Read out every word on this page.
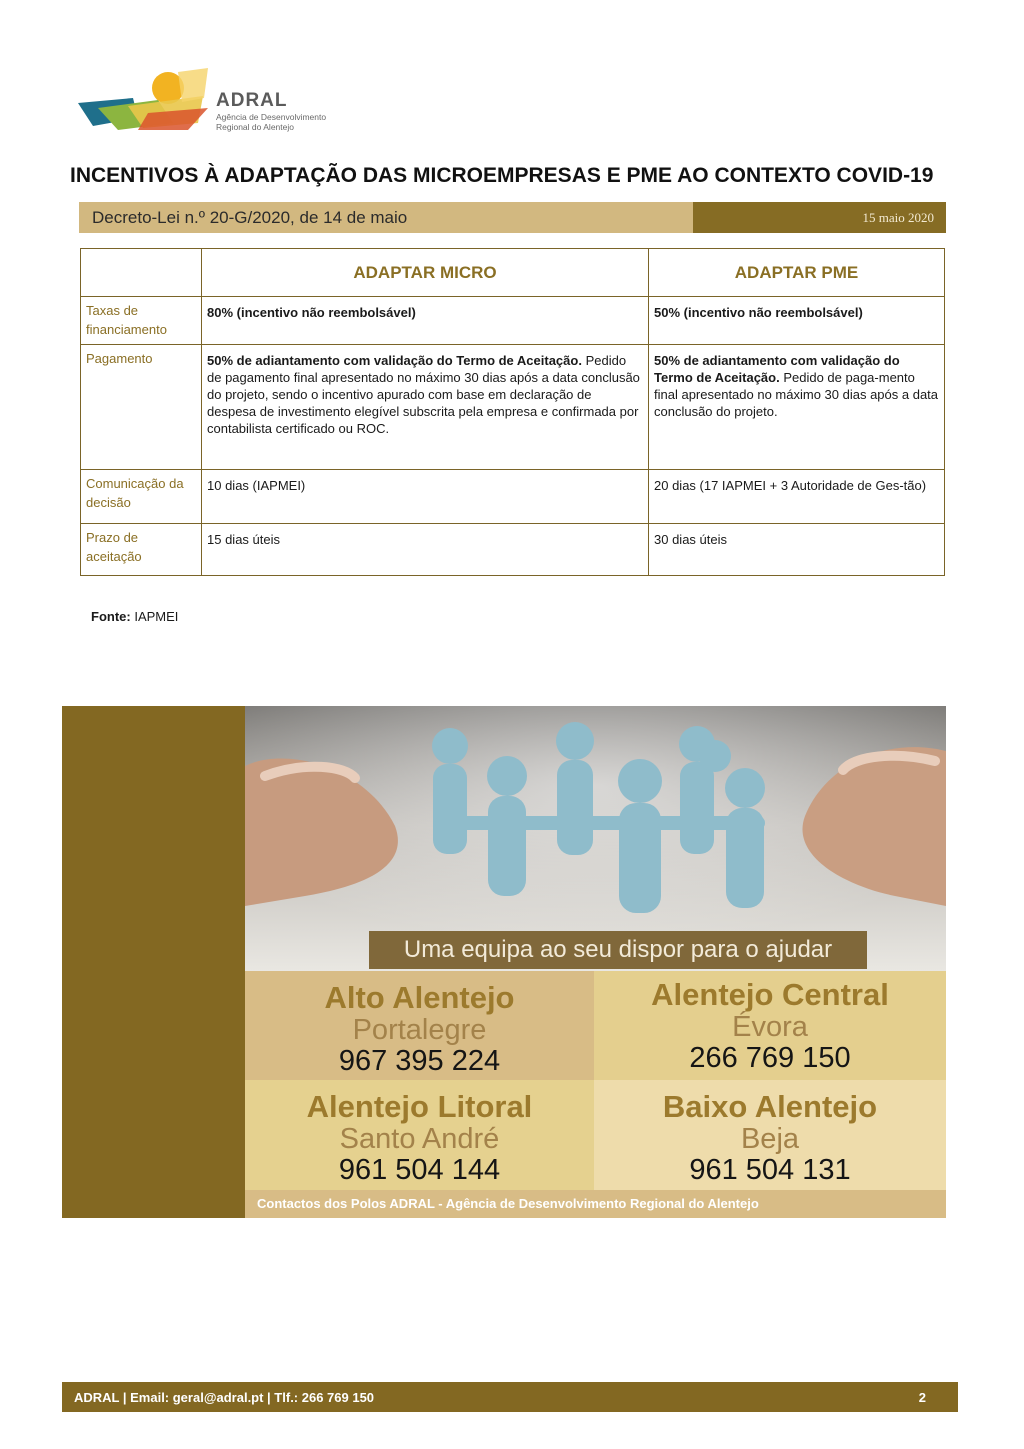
ADRAL
Agência de Desenvolvimento
Regional do Alentejo
INCENTIVOS À ADAPTAÇÃO DAS MICROEMPRESAS E PME AO CONTEXTO COVID-19
Decreto-Lei n.º 20-G/2020, de 14 de maio	15 maio 2020
	ADAPTAR MICRO	ADAPTAR PME
Taxas de financiamento	80% (incentivo não reembolsável)	50% (incentivo não reembolsável)
Pagamento	50% de adiantamento com validação do Termo de Aceitação. Pedido de pagamento final apresentado no máximo 30 dias após a data conclusão do projeto, sendo o incentivo apurado com base em declaração de despesa de investimento elegível subscrita pela empresa e confirmada por contabilista certificado ou ROC.	50% de adiantamento com validação do Termo de Aceitação. Pedido de paga-mento final apresentado no máximo 30 dias após a data conclusão do projeto.
Comunicação da decisão	10 dias (IAPMEI)	20 dias (17 IAPMEI + 3 Autoridade de Ges-tão)
Prazo de aceitação	15 dias úteis	30 dias úteis
Fonte: IAPMEI
Uma equipa ao seu dispor para o ajudar
Alto Alentejo
Portalegre
967 395 224
Alentejo Central
Évora
266 769 150
Alentejo Litoral
Santo André
961 504 144
Baixo Alentejo
Beja
961 504 131
Contactos dos Polos ADRAL - Agência de Desenvolvimento Regional do Alentejo
ADRAL | Email: geral@adral.pt | Tlf.: 266 769 150	2
